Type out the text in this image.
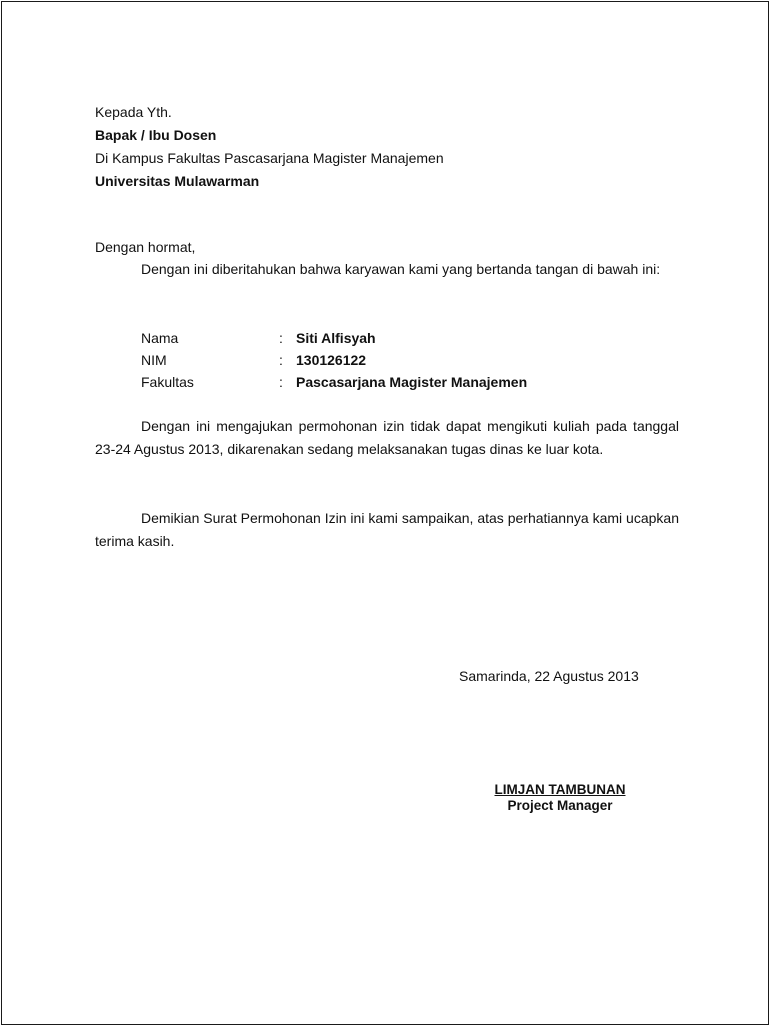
Kepada Yth.
Bapak / Ibu Dosen
Di Kampus Fakultas Pascasarjana Magister Manajemen
Universitas Mulawarman
Dengan hormat,
Dengan ini diberitahukan bahwa karyawan kami yang bertanda tangan di bawah ini:
Nama	: Siti Alfisyah
NIM	: 130126122
Fakultas	: Pascasarjana Magister Manajemen
Dengan ini mengajukan permohonan izin tidak dapat mengikuti kuliah pada tanggal 23-24 Agustus 2013, dikarenakan sedang melaksanakan tugas dinas ke luar kota.
Demikian Surat Permohonan Izin ini kami sampaikan, atas perhatiannya kami ucapkan terima kasih.
Samarinda, 22 Agustus 2013
LIMJAN TAMBUNAN
Project Manager
